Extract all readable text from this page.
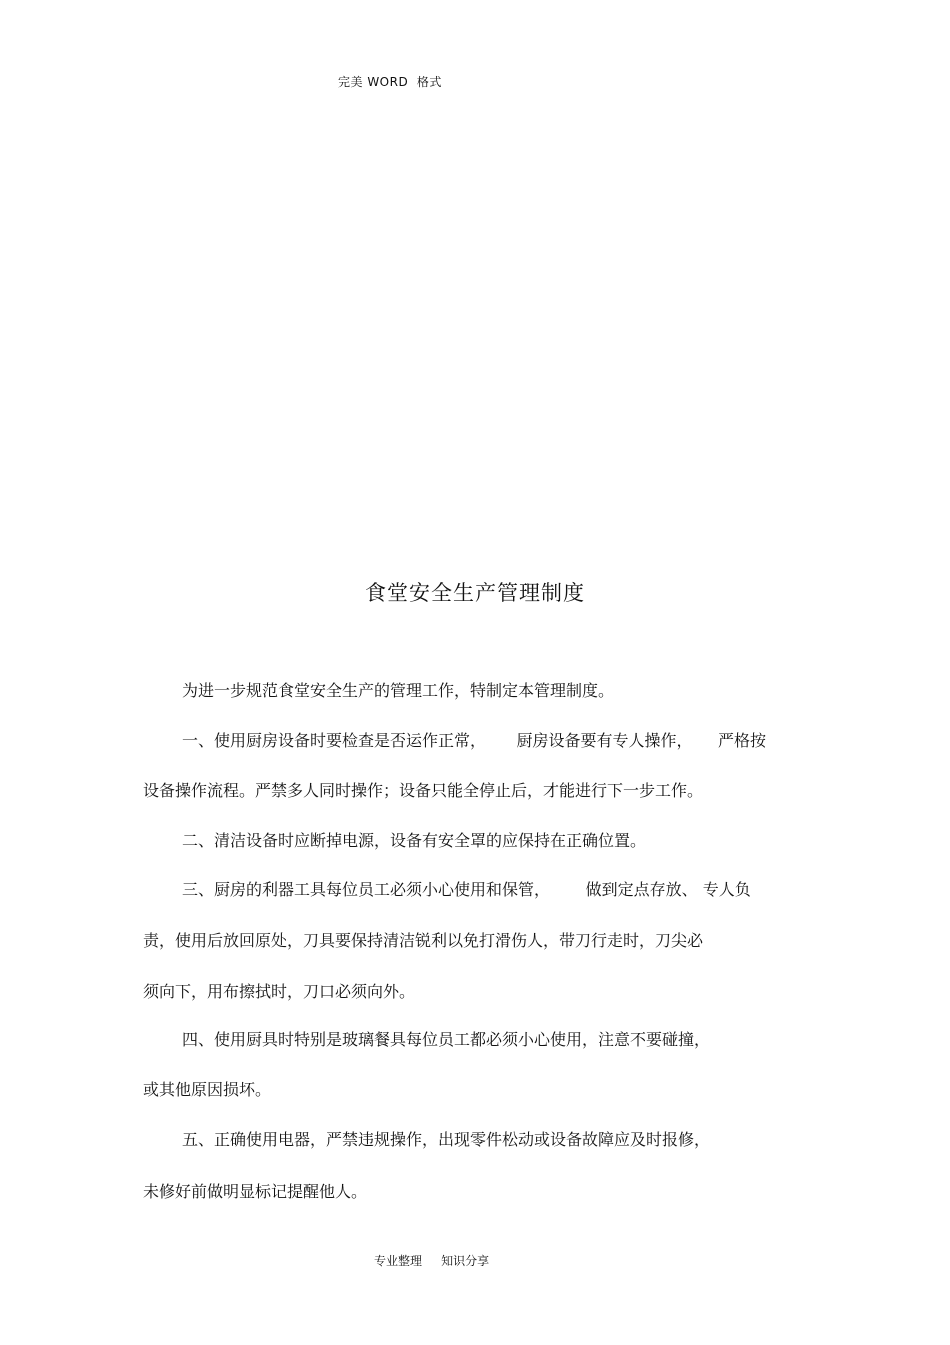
完美 WORD  格式
食堂安全生产管理制度
为进一步规范食堂安全生产的管理工作，特制定本管理制度。
一、使用厨房设备时要检查是否运作正常，      厨房设备要有专人操作，     严格按
设备操作流程。严禁多人同时操作；设备只能全停止后，才能进行下一步工作。
二、清洁设备时应断掉电源，设备有安全罩的应保持在正确位置。
三、厨房的利器工具每位员工必须小心使用和保管，       做到定点存放、 专人负
责，使用后放回原处，刀具要保持清洁锐利以免打滑伤人，带刀行走时，刀尖必
须向下，用布擦拭时，刀口必须向外。
四、使用厨具时特别是玻璃餐具每位员工都必须小心使用，注意不要碰撞，
或其他原因损坏。
五、正确使用电器，严禁违规操作，出现零件松动或设备故障应及时报修，
未修好前做明显标记提醒他人。
专业整理     知识分享
